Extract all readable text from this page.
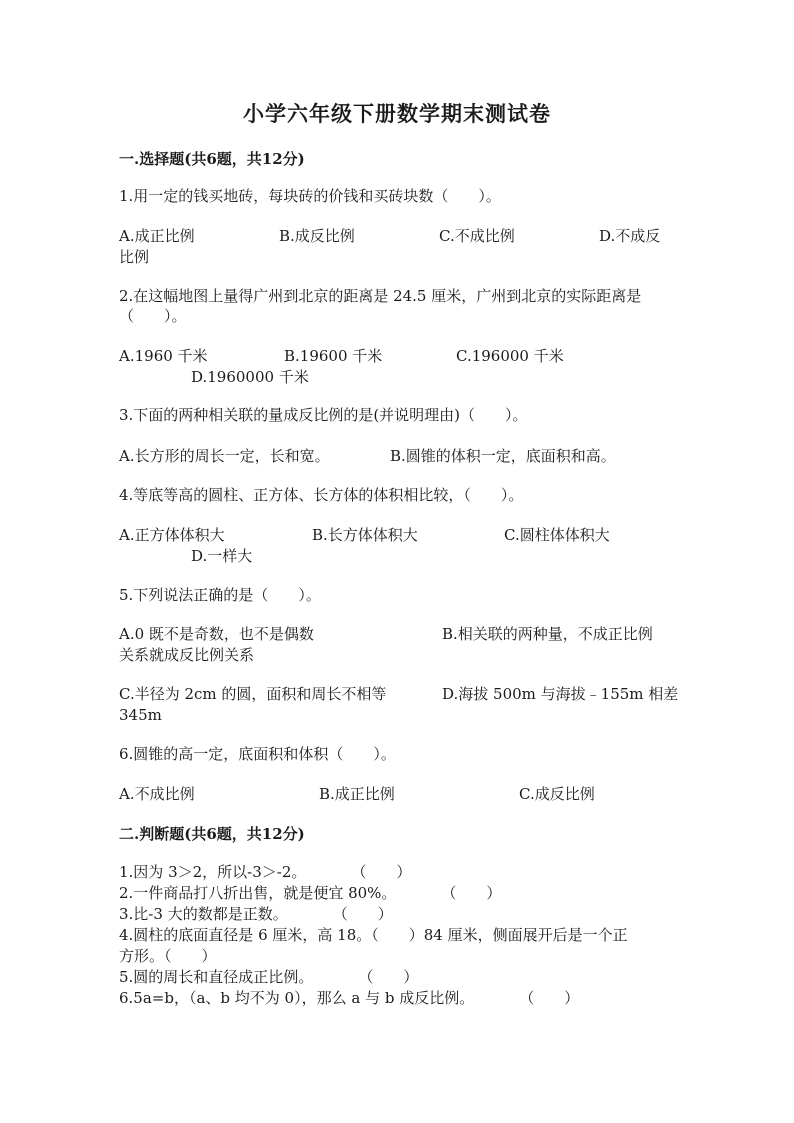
小学六年级下册数学期末测试卷
一.选择题(共6题，共12分)
1.用一定的钱买地砖，每块砖的价钱和买砖块数（　　）。
A.成正比例	B.成反比例	C.不成比例	D.不成反
比例
2.在这幅地图上量得广州到北京的距离是 24.5 厘米，广州到北京的实际距离是
（　　）。
A.1960 千米	B.19600 千米	C.196000 千米
D.1960000 千米
3.下面的两种相关联的量成反比例的是(并说明理由)（　　）。
A.长方形的周长一定，长和宽。	B.圆锥的体积一定，底面积和高。
4.等底等高的圆柱、正方体、长方体的体积相比较，（　　）。
A.正方体体积大	B.长方体体积大	C.圆柱体体积大
D.一样大
5.下列说法正确的是（　　）。
A.0 既不是奇数，也不是偶数	B.相关联的两种量，不成正比例
关系就成反比例关系
C.半径为 2cm 的圆，面积和周长不相等	D.海拔 500m 与海拔﹣155m 相差
345m
6.圆锥的高一定，底面积和体积（　　）。
A.不成比例	B.成正比例	C.成反比例
二.判断题(共6题，共12分)
1.因为 3＞2，所以-3＞-2。　　　　（　　）
2.一件商品打八折出售，就是便宜 80%。　　　　（　　）
3.比-3 大的数都是正数。　　　　（　　）
4.圆柱的底面直径是 6 厘米，高 18。（　　）84 厘米，侧面展开后是一个正
方形。（　　）
5.圆的周长和直径成正比例。　　　　（　　）
6.5a=b，（a、b 均不为 0），那么 a 与 b 成反比例。　　　　（　　）
